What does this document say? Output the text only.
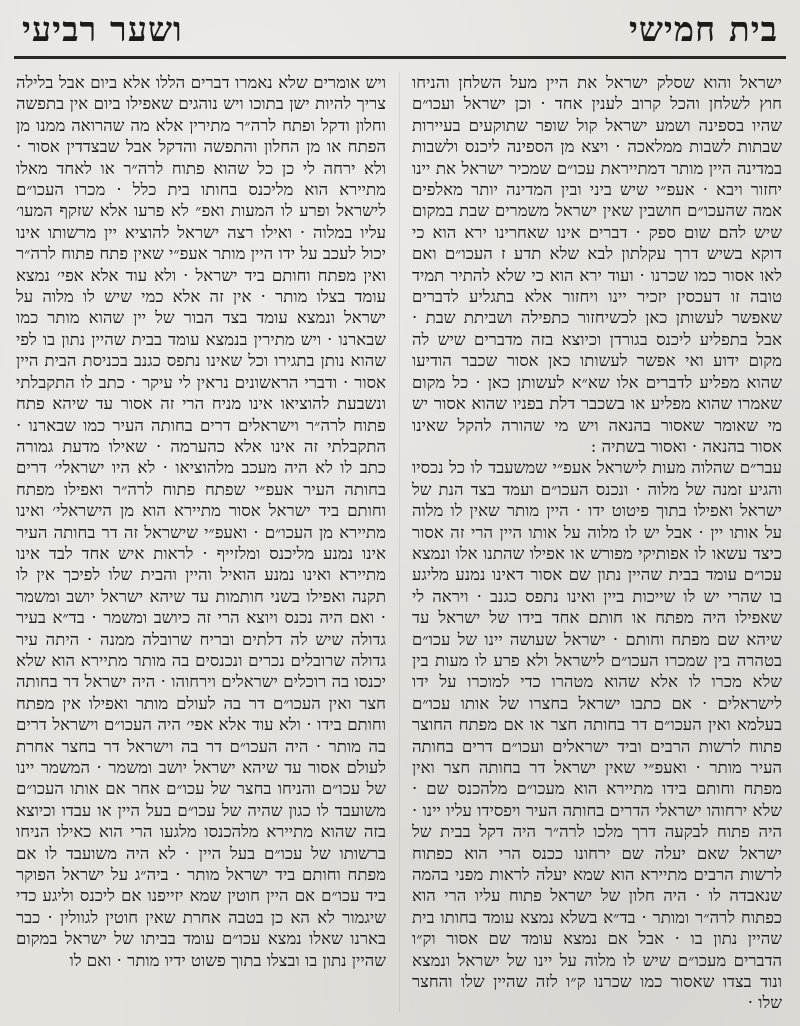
בית חמישי
ושער רביעי

ישראל והוא שסלק ישראל את היין מעל השלחן והניחו חוץ לשלחן והכל קרוב לענין אחד · וכן ישראל ועכו״ם שהיו בספינה ושמע ישראל קול שופר שתוקעים בעיירות שבתות לשבות ממלאכה · ויצא מן הספינה ליכנס ולשבות במדינה היין מותר דמתייראת עכו״ם שמכיר ישראל את יינו יחזור ויבא · אעפ״י שיש ביני ובין המדינה יותר מאלפים אמה שהעכו״ם חושבין שאין ישראל משמרים שבת במקום שיש להם שום ספק · דברים אינו שאחרינו ירא הוא כי דוקא בשיש דרך עקלתון לבא שלא תדע ז העכו״ם ואם לאו אסור כמו שכרנו · ועוד ירא הוא כי שלא להתיר תמיד טובה זו דעכסין יזכיר יינו ויחזור אלא בתגליע לדברים שאפשר לעשותן כאן לכשיחזור כתפילה ושביתת שבת · אבל בתפליע ליכנס בגורדן וכיוצא בזה מדברים שיש לה מקום ידוע ואי אפשר לעשותו כאן אסור שכבר הודיעו שהוא מפליע לדברים אלו שא״א לעשותן כאן · כל מקום שאמרו שהוא מפליע או בשכבר דלת בפניו שהוא אסור יש מי שאומר שאסור בהנאה ויש מי שהורה להקל שאינו אסור בהנאה · ואסור בשתיה :

עבר״ם שהלוה מעות לישראל אעפ״י שמשעבד לו כל נכסיו והגיע זמנה של מלוה · ונכנס העכו״ם ועמד בצד הנת של ישראל ואפילו בתוך פיטוט ידו · היין מותר שאין לו מלוה על אותו יין · אבל יש לו מלוה על אותו היין הרי זה אסור כיצד עשאו לו אפותיקי מפורש או אפילו שהתנו אלו ונמצא עכו״ם עומד בבית שהיין נתון שם אסור דאינו נמנע מליגע בו שהרי יש לו שייכות ביין ואינו נתפס כגנב · ויראה לי שאפילו היה מפתח או חותם אחד בידו של ישראל עד שיהא שם מפתח וחותם · ישראל שעושה יינו של עכו״ם בטהרה בין שמכרו העכו״ם לישראל ולא פרע לו מעות בין שלא מכרו לו אלא שהוא מטהרו כדי למוכרו על ידו לישראלים · אם כתבו ישראל בחצרו של אותו עכו״ם בעלמא ואין העכו״ם דר בחותה חצר או אם מפתח החוצר פתוח לרשות הרבים וביד ישראלים ועכו״ם דרים בחותה העיר מותר · ואעפ״י שאין ישראל דר בחותה חצר ואין מפתח וחותם בידו מתיירא הוא מעכו״ם מלהכנס שם · שלא ירחוהו ישראלי הדרים בחותה העיר ויפסידו עליו יינו · היה פתוח לבקעה דרך מלכו לרה״ר היה דקל בבית של ישראל שאם יעלה שם ירחונו ככנס הרי הוא כפתוח לרשות הרבים מתיירא הוא שמא יעלה לראות מפני בהמה שנאבדה לו · היה חלון של ישראל פתוח עליו הרי הוא כפתוח לרה״ר ומותר · בד״א בשלא נמצא עומד בחותו בית שהיין נתון בו · אבל אם נמצא עומד שם אסור וק״ו הדברים מעכו״ם שיש לו מלוה על יינו של ישראל ונמצא ונוד בצדו שאסור כמו שכרנו ק״ו לזה שהיין שלו והחצר שלו ·

ויש אומרים שלא נאמרו דברים הללו אלא ביום אבל בלילה צריך להיות ישן בתוכו ויש נוהגים שאפילו ביום אין בתפשה וחלון ודקל ופתח לרה״ר מתירין אלא מה שהרואה ממנו מן הפתח או מן החלון והתפשה והדקל אבל שבצדדין אסור · ולא ירחה לי כן כל שהוא פתוח לרה״ר או לאחד מאלו מתיירא הוא מליכנס בחותו בית כלל · מכרו העכו״ם לישראל ופרע לו המעות ואפ״ לא פרעו אלא שזקף המעו׳ עליו במלוה · ואילו רצה ישראל להוציא יין מרשותו אינו יכול לעכב על ידו היין מותר אעפ״י שאין פתח פתוח לרה״ר ואין מפתח וחותם ביד ישראל · ולא עוד אלא אפי׳ נמצא עומד בצלו מותר · אין זה אלא כמי שיש לו מלוה על ישראל ונמצא עומד בצד הבור של יין שהוא מותר כמו שבארנו · ויש מתירין בנמצא עומד בבית שהיין נתון בו לפי שהוא נותן בתגירו וכל שאינו נתפס כגנב בכניסת הבית היין אסור · ודברי הראשונים נראין לי עיקר · כתב לו התקבלתי ונשבעת להוציאו אינו מניח הרי זה אסור עד שיהא פתח פתוח לרה״ר וישראלים דרים בחותה העיר כמו שבארנו · התקבלתי זה אינו אלא כהערמה · שאילו מדעת גמורה כתב לו לא היה מעכב מלהוציאו · לא היו ישראלי׳ דרים בחותה העיר אעפ״י שפתח פתוח לרה״ר ואפילו מפתח וחותם ביד ישראל אסור מתיירא הוא מן הישראלי׳ ואינו מתיירא מן העכו״ם · ואעפ״י שישראל זה דר בחותה העיר אינו נמנע מליכנס ומלזייף · לראות איש אחד לבד אינו מתיירא ואינו נמנע הואיל והיין והבית שלו לפיכך אין לו תקנה ואפילו בשני חותמות עד שיהא ישראל יושב ומשמר · ואם היה נכנס ויוצא הרי זה כיושב ומשמר · בד״א בעיר גדולה שיש לה דלתים ובריח שרובלה ממנה · היתה עיר גדולה שרובלים נכרים ונכנסים בה מותר מתיירא הוא שלא יכנסו בה רוכלים ישראלים וירחוהו · היה ישראל דר בחותה חצר ואין העכו״ם דר בה לעולם מותר ואפילו אין מפתח וחותם בידו · ולא עוד אלא אפי׳ היה העכו״ם וישראל דרים בה מותר · היה העכו״ם דר בה וישראל דר בחצר אחרת לעולם אסור עד שיהא ישראל יושב ומשמר · המשמר יינו של עכו״ם והניחו בחצר של עכו״ם אחר אם אותו העכו״ם משועבד לו כגון שהיה של עכו״ם בעל היין או עבדו וכיוצא בזה שהוא מתיירא מלהכנסו מלגעו הרי הוא כאילו הניחו ברשותו של עכו״ם בעל היין · לא היה משועבד לו אם מפתח וחותם ביד ישראל מותר · ביה״ג על ישראל הפוקר ביד עכו״ם אם היין חוטין שמא יזייפנו אם ליכנס וליגע כדי שיגמור לא הא כן בטבה אחרת שאין חוטין לגוולין · כבר בארנו שאלו נמצא עכו״ם עומד בביתו של ישראל במקום שהיין נתון בו ובצלו בתוך פשוט ידיו מותר · ואם לו
